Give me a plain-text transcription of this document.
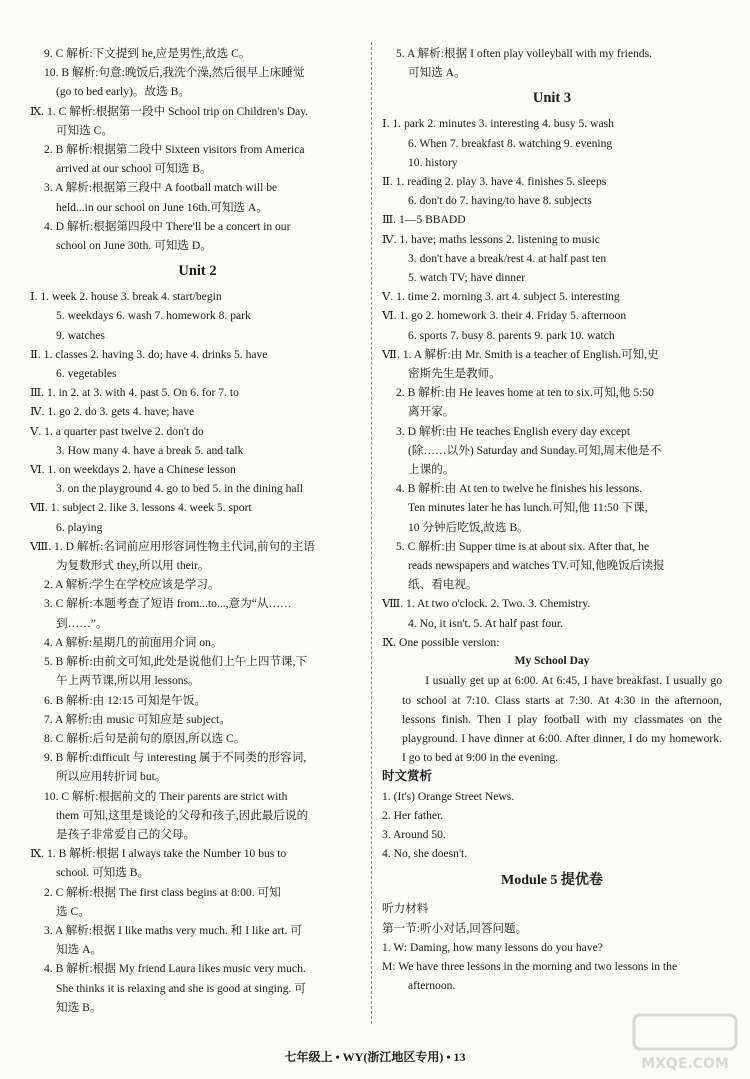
9. C 解析:下文提到 he,应是男性,故选 C。
10. B 解析:句意:晚饭后,我洗个澡,然后很早上床睡觉
(go to bed early)。故选 B。
Ⅸ. 1. C 解析:根据第一段中 School trip on Children's Day.
可知选 C。
2. B 解析:根据第二段中 Sixteen visitors from America
arrived at our school 可知选 B。
3. A 解析:根据第三段中 A football match will be
held...in our school on June 16th.可知选 A。
4. D 解析:根据第四段中 There'll be a concert in our
school on June 30th. 可知选 D。
Unit 2
Ⅰ. 1. week 2. house 3. break 4. start/begin
5. weekdays 6. wash 7. homework 8. park
9. watches
Ⅱ. 1. classes 2. having 3. do; have 4. drinks 5. have
6. vegetables
Ⅲ. 1. in 2. at 3. with 4. past 5. On 6. for 7. to
Ⅳ. 1. go 2. do 3. gets 4. have; have
Ⅴ. 1. a quarter past twelve 2. don't do
3. How many 4. have a break 5. and talk
Ⅵ. 1. on weekdays 2. have a Chinese lesson
3. on the playground 4. go to bed 5. in the dining hall
Ⅶ. 1. subject 2. like 3. lessons 4. week 5. sport
6. playing
Ⅷ. 1. D 解析:名词前应用形容词性物主代词,前句的主语
为复数形式 they,所以用 their。
2. A 解析:学生在学校应该是学习。
3. C 解析:本题考查了短语 from...to...,意为“从……
到……”。
4. A 解析:星期几的前面用介词 on。
5. B 解析:由前文可知,此处是说他们上午上四节课,下
午上两节课,所以用 lessons。
6. B 解析:由 12:15 可知是午饭。
7. A 解析:由 music 可知应是 subject。
8. C 解析:后句是前句的原因,所以选 C。
9. B 解析:difficult 与 interesting 属于不同类的形容词,
所以应用转折词 but。
10. C 解析:根据前文的 Their parents are strict with
them 可知,这里是谈论的父母和孩子,因此最后说的
是孩子非常爱自己的父母。
Ⅸ. 1. B 解析:根据 I always take the Number 10 bus to
school. 可知选 B。
2. C 解析:根据 The first class begins at 8:00. 可知
选 C。
3. A 解析:根据 I like maths very much. 和 I like art. 可
知选 A。
4. B 解析:根据 My friend Laura likes music very much.
She thinks it is relaxing and she is good at singing. 可
知选 B。
5. A 解析:根据 I often play volleyball with my friends.
可知选 A。
Unit 3
Ⅰ. 1. park 2. minutes 3. interesting 4. busy 5. wash
6. When 7. breakfast 8. watching 9. evening
10. history
Ⅱ. 1. reading 2. play 3. have 4. finishes 5. sleeps
6. don't do 7. having/to have 8. subjects
Ⅲ. 1—5 BBADD
Ⅳ. 1. have; maths lessons 2. listening to music
3. don't have a break/rest 4. at half past ten
5. watch TV; have dinner
Ⅴ. 1. time 2. morning 3. art 4. subject 5. interesting
Ⅵ. 1. go 2. homework 3. their 4. Friday 5. afternoon
6. sports 7. busy 8. parents 9. park 10. watch
Ⅶ. 1. A 解析:由 Mr. Smith is a teacher of English.可知,史
密斯先生是教师。
2. B 解析:由 He leaves home at ten to six.可知,他 5:50
离开家。
3. D 解析:由 He teaches English every day except
(除……以外) Saturday and Sunday.可知,周末他是不
上课的。
4. B 解析:由 At ten to twelve he finishes his lessons.
Ten minutes later he has lunch.可知,他 11:50 下课,
10 分钟后吃饭,故选 B。
5. C 解析:由 Supper time is at about six. After that, he
reads newspapers and watches TV.可知,他晚饭后读报
纸、看电视。
Ⅷ. 1. At two o'clock. 2. Two. 3. Chemistry.
4. No, it isn't. 5. At half past four.
Ⅸ. One possible version:
My School Day
I usually get up at 6:00. At 6:45, I have breakfast. I usually go to school at 7:10. Class starts at 7:30. At 4:30 in the afternoon, lessons finish. Then I play football with my classmates on the playground. I have dinner at 6:00. After dinner, I do my homework. I go to bed at 9:00 in the evening.
时文赏析
1. (It's) Orange Street News.
2. Her father.
3. Around 50.
4. No, she doesn't.
Module 5 提优卷
听力材料
第一节:听小对话,回答问题。
1. W: Daming, how many lessons do you have?
M: We have three lessons in the morning and two lessons in the afternoon.
七年级上 • WY(浙江地区专用) • 13	MXQE.COM
